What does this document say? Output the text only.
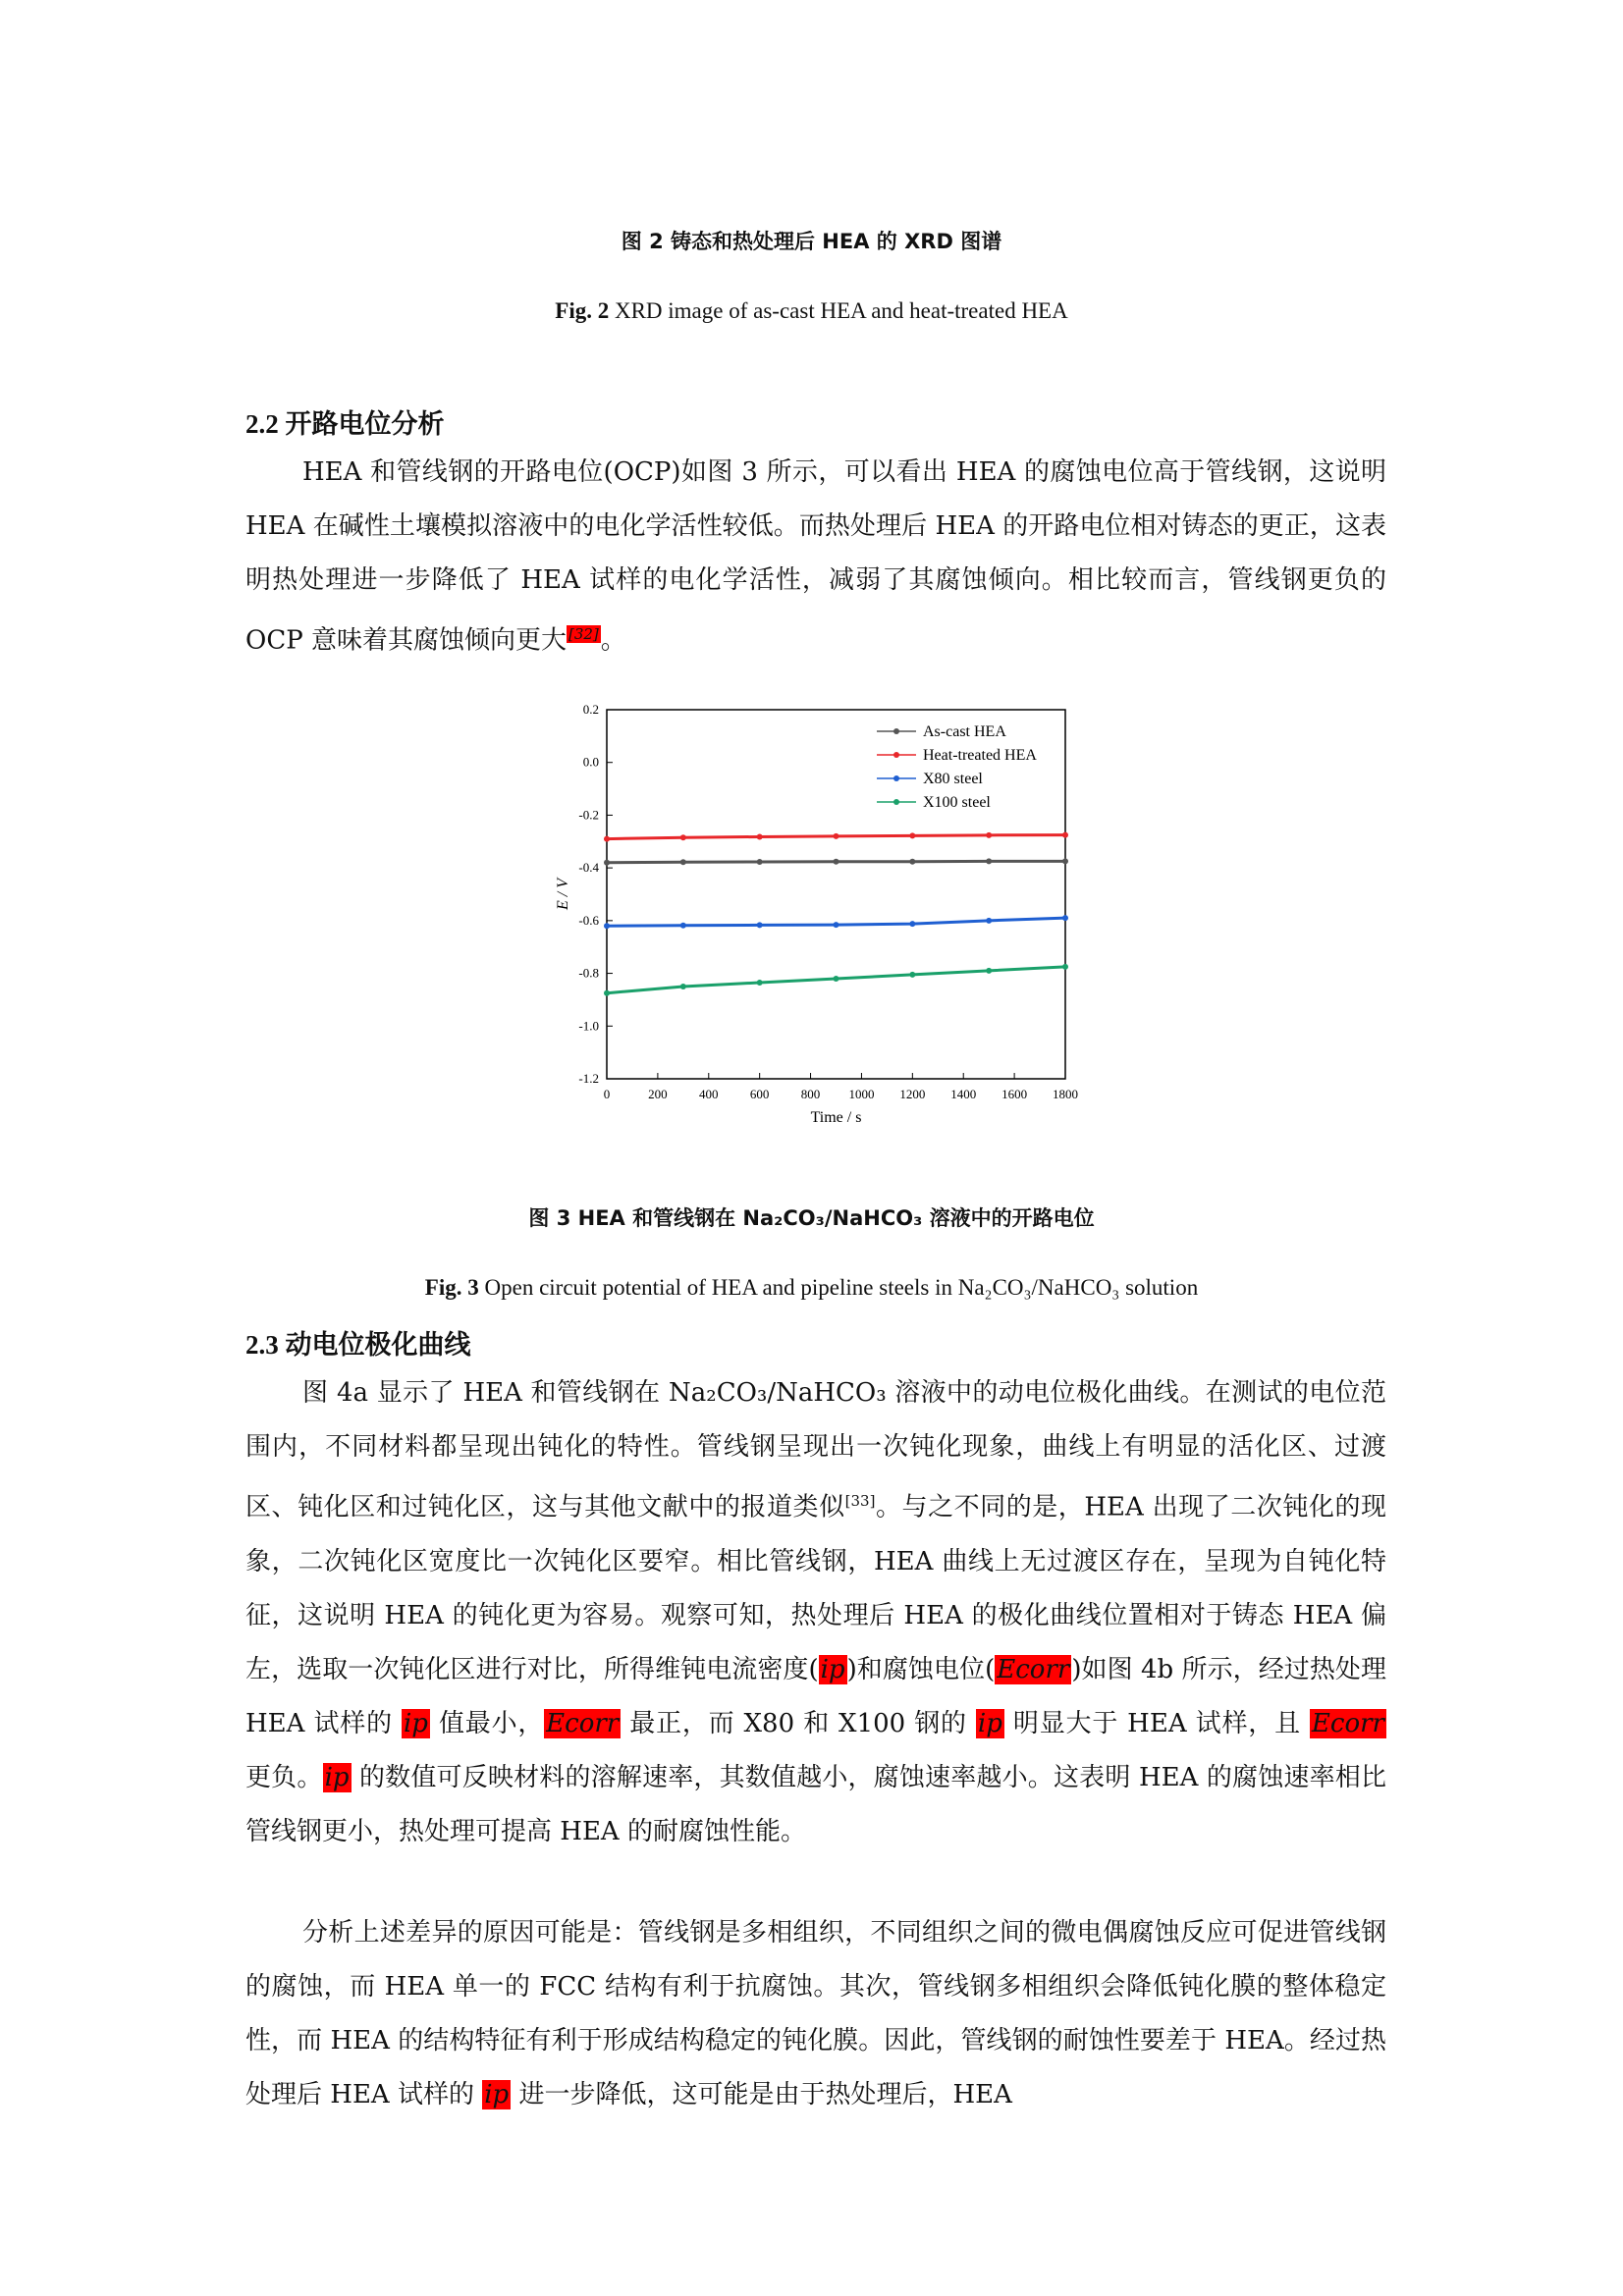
图 2 铸态和热处理后 HEA 的 XRD 图谱
Fig. 2 XRD image of as-cast HEA and heat-treated HEA
2.2 开路电位分析
HEA 和管线钢的开路电位(OCP)如图 3 所示，可以看出 HEA 的腐蚀电位高于管线钢，这说明 HEA 在碱性土壤模拟溶液中的电化学活性较低。而热处理后 HEA 的开路电位相对铸态的更正，这表明热处理进一步降低了 HEA 试样的电化学活性，减弱了其腐蚀倾向。相比较而言，管线钢更负的 OCP 意味着其腐蚀倾向更大 [32]。
0	200 400 600 800 1000 1200 1400 1600 1800
0.2
0.0
-0.2
-0.4
-0.6
-0.8
-1.0
-1.2
Time / s
E / V
As-cast HEA
Heat-treated HEA
X80 steel
X100 steel
图 3 HEA 和管线钢在 Na₂CO₃/NaHCO₃ 溶液中的开路电位
Fig. 3 Open circuit potential of HEA and pipeline steels in Na₂CO₃/NaHCO₃ solution
2.3 动电位极化曲线
图 4a 显示了 HEA 和管线钢在 Na₂CO₃/NaHCO₃ 溶液中的动电位极化曲线。在测试的电位范围内，不同材料都呈现出钝化的特性。管线钢呈现出一次钝化现象，曲线上有明显的活化区、过渡区、钝化区和过钝化区，这与其他文献中的报道类似[33]。与之不同的是，HEA 出现了二次钝化的现象，二次钝化区宽度比一次钝化区要窄。相比管线钢，HEA 曲线上无过渡区存在，呈现为自钝化特征，这说明 HEA 的钝化更为容易。观察可知，热处理后 HEA 的极化曲线位置相对于铸态 HEA 偏左，选取一次钝化区进行对比，所得维钝电流密度(ip)和腐蚀电位(Ecorr)如图 4b 所示，经过热处理 HEA 试样的 ip 值最小，Ecorr 最正，而 X80 和 X100 钢的 ip 明显大于 HEA 试样，且 Ecorr 更负。ip 的数值可反映材料的溶解速率，其数值越小，腐蚀速率越小。这表明 HEA 的腐蚀速率相比管线钢更小，热处理可提高 HEA 的耐腐蚀性能。
分析上述差异的原因可能是：管线钢是多相组织，不同组织之间的微电偶腐蚀反应可促进管线钢的腐蚀，而 HEA 单一的 FCC 结构有利于抗腐蚀。其次，管线钢多相组织会降低钝化膜的整体稳定性，而 HEA 的结构特征有利于形成结构稳定的钝化膜。因此，管线钢的耐蚀性要差于 HEA。经过热处理后 HEA 试样的 ip 进一步降低，这可能是由于热处理后，HEA
